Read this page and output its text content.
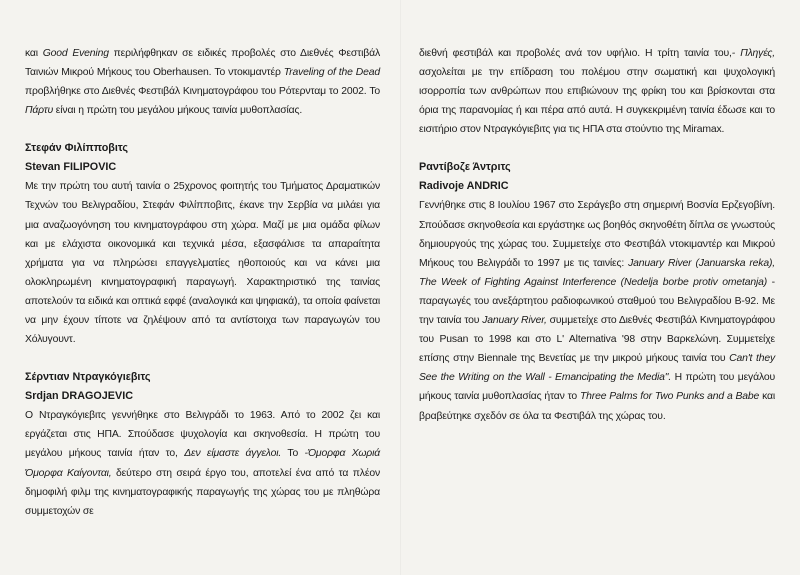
και Good Evening περιλήφθηκαν σε ειδικές προβολές στο Διεθνές Φεστιβάλ Ταινιών Μικρού Μήκους του Oberhausen. Το ντοκιμαντέρ Traveling of the Dead προβλήθηκε στο Διεθνές Φεστιβάλ Κινηματογράφου του Ρότερνταμ το 2002. Το Πάρτυ είναι η πρώτη του μεγάλου μήκους ταινία μυθοπλασίας.

Στεφάν Φιλίπποβιτς
Stevan FILIPOVIC

Με την πρώτη του αυτή ταινία ο 25χρονος φοιτητής του Τμήματος Δραματικών Τεχνών του Βελιγραδίου, Στεφάν Φιλίπποβιτς, έκανε την Σερβία να μιλάει για μια αναζωογόνηση του κινηματογράφου στη χώρα. Μαζί με μια ομάδα φίλων και με ελάχιστα οικονομικά και τεχνικά μέσα, εξασφάλισε τα απαραίτητα χρήματα για να πληρώσει επαγγελματίες ηθοποιούς και να κάνει μια ολοκληρωμένη κινηματογραφική παραγωγή. Χαρακτηριστικό της ταινίας αποτελούν τα ειδικά και οπτικά εφφέ (αναλογικά και ψηφιακά), τα οποία φαίνεται να μην έχουν τίποτε να ζηλέψουν από τα αντίστοιχα των παραγωγών του Χόλυγουντ.

Σέρντιαν Ντραγκόγιεβιτς
Srdjan DRAGOJEVIC

Ο Ντραγκόγιεβιτς γεννήθηκε στο Βελιγράδι το 1963. Από το 2002 ζει και εργάζεται στις ΗΠΑ. Σπούδασε ψυχολογία και σκηνοθεσία. Η πρώτη του μεγάλου μήκους ταινία ήταν το, Δεν είμαστε άγγελοι. Το -Όμορφα Χωριά Όμορφα Καίγονται, δεύτερο στη σειρά έργο του, αποτελεί ένα από τα πλέον δημοφιλή φιλμ της κινηματογραφικής παραγωγής της χώρας του με πληθώρα συμμετοχών σε

διεθνή φεστιβάλ και προβολές ανά τον υφήλιο. Η τρίτη ταινία του,- Πληγές, ασχολείται με την επίδραση του πολέμου στην σωματική και ψυχολογική ισορροπία των ανθρώπων που επιβιώνουν της φρίκη του και βρίσκονται στα όρια της παρανομίας ή και πέρα από αυτά. Η συγκεκριμένη ταινία έδωσε και το εισιτήριο στον Ντραγκόγιεβιτς για τις ΗΠΑ στα στούντιο της Miramax.

Ραντίβοζε Άντριτς
Radivoje ANDRIC

Γεννήθηκε στις 8 Ιουλίου 1967 στο Σεράγεβο στη σημερινή Βοσνία Ερζεγοβίνη. Σπούδασε σκηνοθεσία και εργάστηκε ως βοηθός σκηνοθέτη δίπλα σε γνωστούς δημιουργούς της χώρας του. Συμμετείχε στο Φεστιβάλ ντοκιμαντέρ και Μικρού Μήκους του Βελιγράδι το 1997 με τις ταινίες: January River (Januarska reka), The Week of Fighting Against Interference (Nedelja borbe protiv ometanja) - παραγωγές του ανεξάρτητου ραδιοφωνικού σταθμού του Βελιγραδίου B-92. Με την ταινία του January River, συμμετείχε στο Διεθνές Φεστιβάλ Κινηματογράφου του Pusan το 1998 και στο L' Alternativa '98 στην Βαρκελώνη. Συμμετείχε επίσης στην Biennale της Βενετίας με την μικρού μήκους ταινία του Can't they See the Writing on the Wall - Emancipating the Media". Η πρώτη του μεγάλου μήκους ταινία μυθοπλασίας ήταν το Three Palms for Two Punks and a Babe και βραβεύτηκε σχεδόν σε όλα τα Φεστιβάλ της χώρας του.
